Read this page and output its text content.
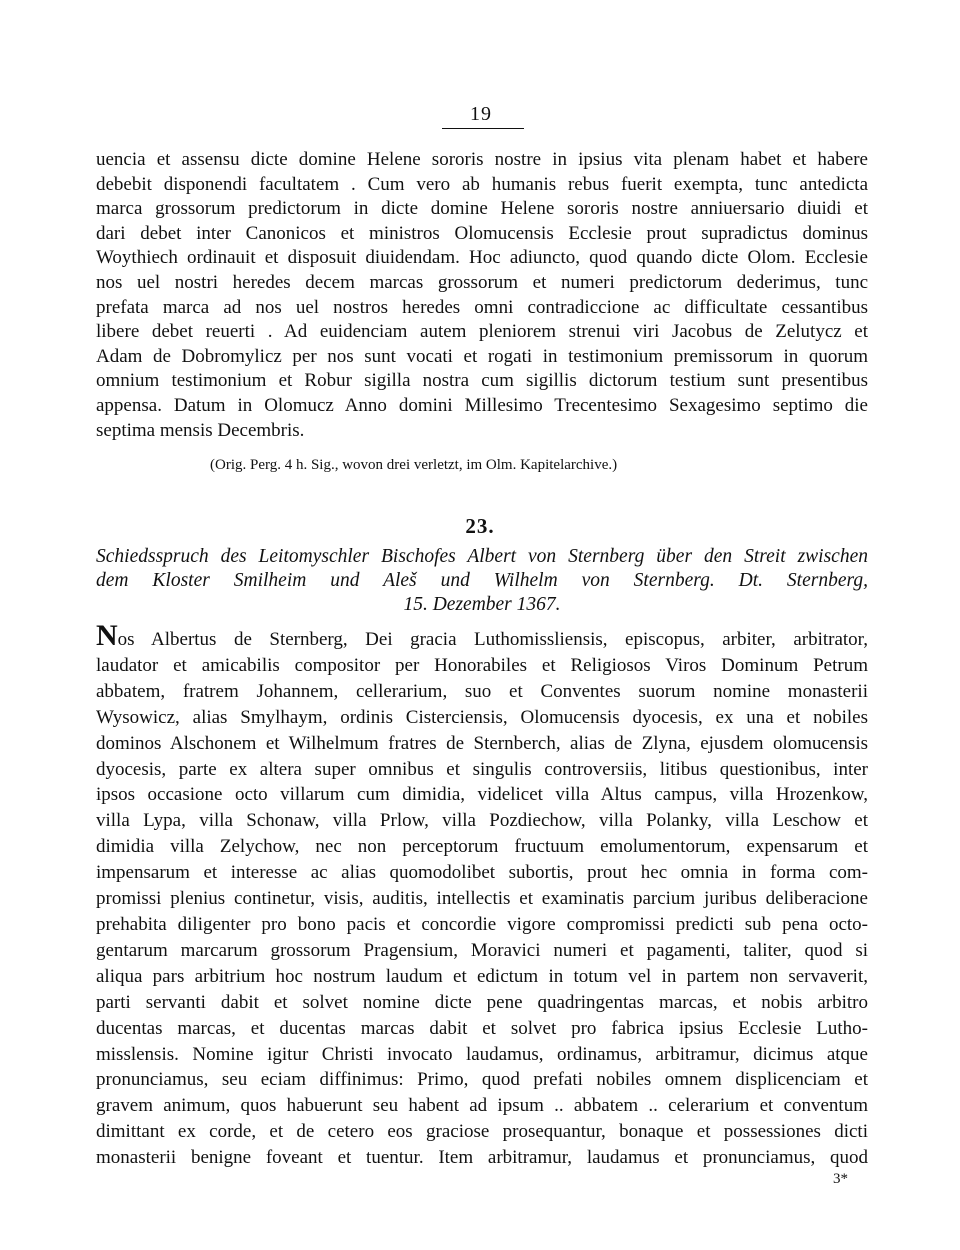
19
uencia et assensu dicte domine Helene sororis nostre in ipsius vita plenam habet et habere
debebit disponendi facultatem . Cum vero ab humanis rebus fuerit exempta, tunc antedicta
marca grossorum predictorum in dicte domine Helene sororis nostre anniuersario diuidi et
dari debet inter Canonicos et ministros Olomucensis Ecclesie prout supradictus dominus
Woythiech ordinauit et disposuit diuidendam. Hoc adiuncto, quod quando dicte Olom. Ecclesie
nos uel nostri heredes decem marcas grossorum et numeri predictorum dederimus, tunc
prefata marca ad nos uel nostros heredes omni contradiccione ac difficultate cessantibus
libere debet reuerti . Ad euidenciam autem pleniorem strenui viri Jacobus de Zelutycz et
Adam de Dobromylicz per nos sunt vocati et rogati in testimonium premissorum in quorum
omnium testimonium et Robur sigilla nostra cum sigillis dictorum testium sunt presentibus
appensa. Datum in Olomucz Anno domini Millesimo Trecentesimo Sexagesimo septimo die
septima mensis Decembris.
(Orig. Perg. 4 h. Sig., wovon drei verletzt, im Olm. Kapitelarchive.)
23.
Schiedsspruch des Leitomyschler Bischofes Albert von Sternberg über den Streit zwischen
dem Kloster Smilheim und Aleš und Wilhelm von Sternberg. Dt. Sternberg,
15. Dezember 1367.
Nos Albertus de Sternberg, Dei gracia Luthomissliensis, episcopus, arbiter, arbitrator,
laudator et amicabilis compositor per Honorabiles et Religiosos Viros Dominum Petrum
abbatem, fratrem Johannem, cellerarium, suo et Conventes suorum nomine monasterii
Wysowicz, alias Smylhaym, ordinis Cisterciensis, Olomucensis dyocesis, ex una et nobiles
dominos Alschonem et Wilhelmum fratres de Sternberch, alias de Zlyna, ejusdem olomucensis
dyocesis, parte ex altera super omnibus et singulis controversiis, litibus questionibus, inter
ipsos occasione octo villarum cum dimidia, videlicet villa Altus campus, villa Hrozenkow,
villa Lypa, villa Schonaw, villa Prlow, villa Pozdiechow, villa Polanky, villa Leschow et
dimidia villa Zelychow, nec non perceptorum fructuum emolumentorum, expensarum et
impensarum et interesse ac alias quomodolibet subortis, prout hec omnia in forma com-
promissi plenius continetur, visis, auditis, intellectis et examinatis parcium juribus deliberacione
prehabita diligenter pro bono pacis et concordie vigore compromissi predicti sub pena octo-
gentarum marcarum grossorum Pragensium, Moravici numeri et pagamenti, taliter, quod si
aliqua pars arbitrium hoc nostrum laudum et edictum in totum vel in partem non servaverit,
parti servanti dabit et solvet nomine dicte pene quadringentas marcas, et nobis arbitro
ducentas marcas, et ducentas marcas dabit et solvet pro fabrica ipsius Ecclesie Lutho-
misslensis. Nomine igitur Christi invocato laudamus, ordinamus, arbitramur, dicimus atque
pronunciamus, seu eciam diffinimus: Primo, quod prefati nobiles omnem displicenciam et
gravem animum, quos habuerunt seu habent ad ipsum .. abbatem .. celerarium et conventum
dimittant ex corde, et de cetero eos graciose prosequantur, bonaque et possessiones dicti
monasterii benigne foveant et tuentur. Item arbitramur, laudamus et pronunciamus, quod
3*
